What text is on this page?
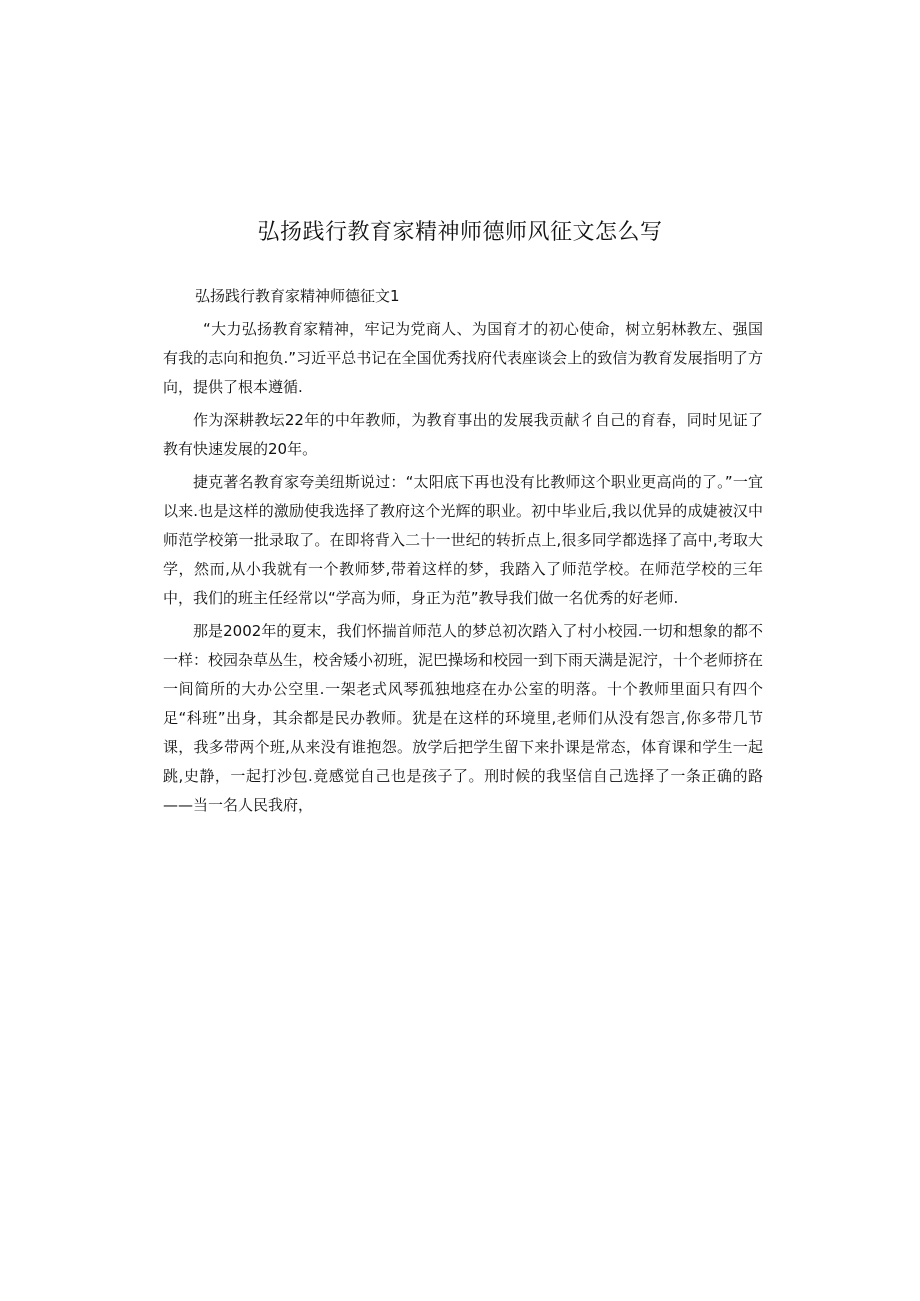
弘扬践行教育家精神师德师风征文怎么写
弘扬践行教育家精神师德征文1

“大力弘扬教育家精神，牢记为党商人、为国育才的初心使命，树立躬林教左、强国有我的志向和抱负.”习近平总书记在全国优秀找府代表座谈会上的致信为教育发展指明了方向，提供了根本遵循.

作为深耕教坛22年的中年教师，为教育事出的发展我贡献彳自己的育春，同时见证了教有快速发展的20年。

捷克著名教育家夸美纽斯说过：“太阳底下再也没有比教师这个职业更高尚的了。”一宜以来.也是这样的激励使我选择了教府这个光辉的职业。初中毕业后,我以优异的成婕被汉中师范学校第一批录取了。在即将背入二十一世纪的转折点上,很多同学都选择了高中,考取大学，然而,从小我就有一个教师梦,带着这样的梦，我踏入了师范学校。在师范学校的三年中，我们的班主任经常以“学高为师，身正为范”教导我们做一名优秀的好老师.

那是2002年的夏末，我们怀揣首师范人的梦总初次踏入了村小校园.一切和想象的都不一样：校园杂草丛生，校舍矮小初班，泥巴操场和校园一到下雨天满是泥泞，十个老师挤在一间简所的大办公空里.一架老式风琴孤独地痉在办公室的明落。十个教师里面只有四个足“科班”出身，其余都是民办教师。犹是在这样的环境里,老师们从没有怨言,你多带几节课，我多带两个班,从来没有谁抱怨。放学后把学生留下来扑课是常态，体育课和学生一起跳,史静，一起打沙包.竟感觉自己也是孩子了。刑时候的我坚信自己选择了一条正确的路——当一名人民我府，
